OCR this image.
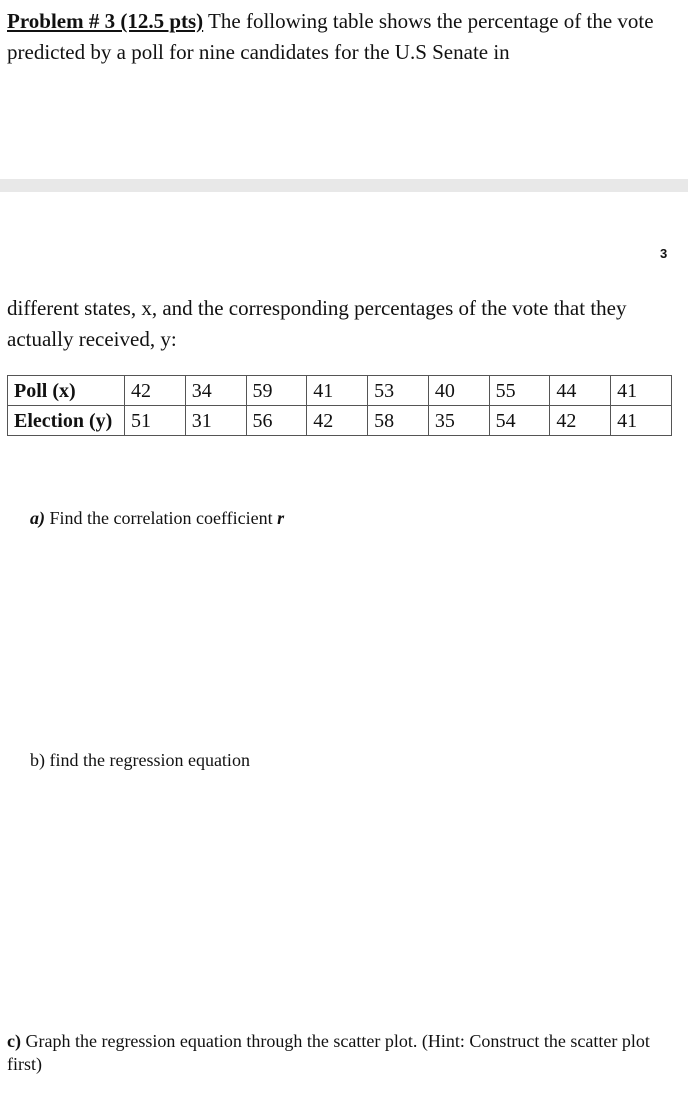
Problem # 3 (12.5 pts) The following table shows the percentage of the vote predicted by a poll for nine candidates for the U.S Senate in
3
different states, x, and the corresponding percentages of the vote that they actually received, y:
Poll (x)	42	34	59	41	53	40	55	44	41
Election (y)	51	31	56	42	58	35	54	42	41
a) Find the correlation coefficient r
b) find the regression equation
c) Graph the regression equation through the scatter plot. (Hint: Construct the scatter plot first)
